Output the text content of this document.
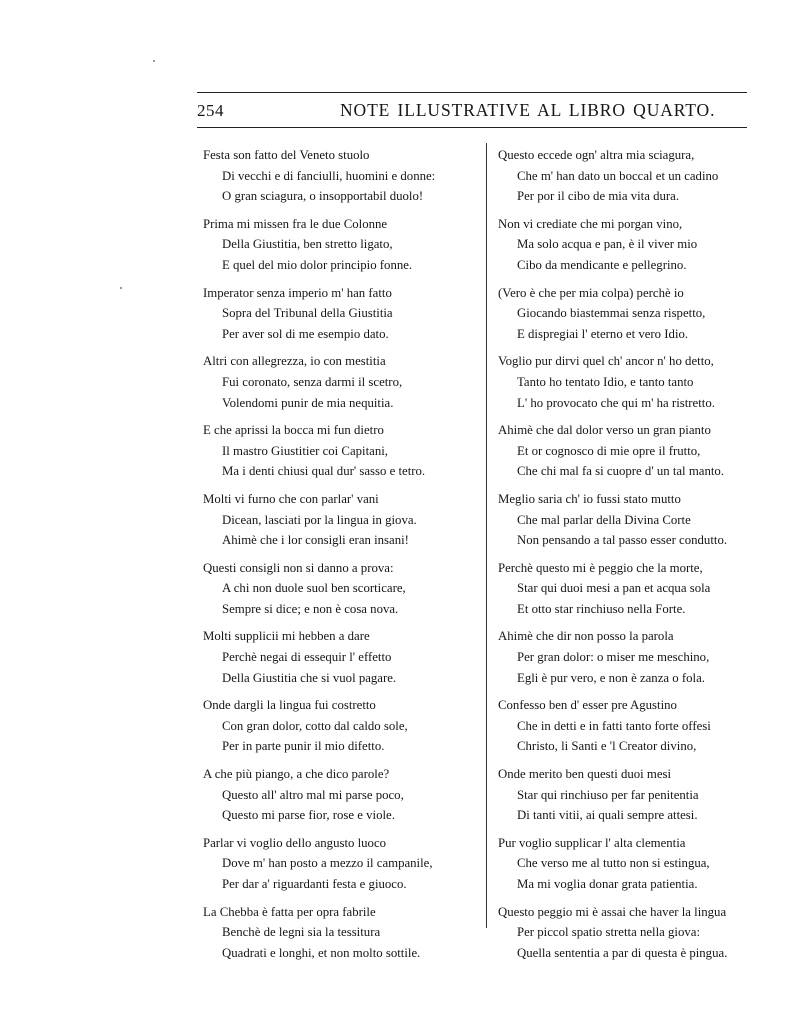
254	NOTE ILLUSTRATIVE AL LIBRO QUARTO.
Festa son fatto del Veneto stuolo
Di vecchi e di fanciulli, huomini e donne:
O gran sciagura, o insopportabil duolo!
Prima mi missen fra le due Colonne
Della Giustitia, ben stretto ligato,
E quel del mio dolor principio fonne.
Imperator senza imperio m' han fatto
Sopra del Tribunal della Giustitia
Per aver sol di me esempio dato.
Altri con allegrezza, io con mestitia
Fui coronato, senza darmi il scetro,
Volendomi punir de mia nequitia.
E che aprissi la bocca mi fun dietro
Il mastro Giustitier coi Capitani,
Ma i denti chiusi qual dur' sasso e tetro.
Molti vi furno che con parlar' vani
Dicean, lasciati por la lingua in giova.
Ahimè che i lor consigli eran insani!
Questi consigli non si danno a prova:
A chi non duole suol ben scorticare,
Sempre si dice; e non è cosa nova.
Molti supplicii mi hebben a dare
Perchè negai di essequir l' effetto
Della Giustitia che si vuol pagare.
Onde dargli la lingua fui costretto
Con gran dolor, cotto dal caldo sole,
Per in parte punir il mio difetto.
A che più piango, a che dico parole?
Questo all' altro mal mi parse poco,
Questo mi parse fior, rose e viole.
Parlar vi voglio dello angusto luoco
Dove m' han posto a mezzo il campanile,
Per dar a' riguardanti festa e giuoco.
La Chebba è fatta per opra fabrile
Benchè de legni sia la tessitura
Quadrati e longhi, et non molto sottile.
Questo eccede ogn' altra mia sciagura,
Che m' han dato un boccal et un cadino
Per por il cibo de mia vita dura.
Non vi crediate che mi porgan vino,
Ma solo acqua e pan, è il viver mio
Cibo da mendicante e pellegrino.
(Vero è che per mia colpa) perchè io
Giocando biastemmai senza rispetto,
E dispregiai l' eterno et vero Idio.
Voglio pur dirvi quel ch' ancor n' ho detto,
Tanto ho tentato Idio, e tanto tanto
L' ho provocato che qui m' ha ristretto.
Ahimè che dal dolor verso un gran pianto
Et or cognosco di mie opre il frutto,
Che chi mal fa si cuopre d' un tal manto.
Meglio saria ch' io fussi stato mutto
Che mal parlar della Divina Corte
Non pensando a tal passo esser condutto.
Perchè questo mi è peggio che la morte,
Star qui duoi mesi a pan et acqua sola
Et otto star rinchiuso nella Forte.
Ahimè che dir non posso la parola
Per gran dolor: o miser me meschino,
Egli è pur vero, e non è zanza o fola.
Confesso ben d' esser pre Agustino
Che in detti e in fatti tanto forte offesi
Christo, li Santi e 'l Creator divino,
Onde merito ben questi duoi mesi
Star qui rinchiuso per far penitentia
Di tanti vitii, ai quali sempre attesi.
Pur voglio supplicar l' alta clementia
Che verso me al tutto non si estingua,
Ma mi voglia donar grata patientia.
Questo peggio mi è assai che haver la lingua
Per piccol spatio stretta nella giova:
Quella sententia a par di questa è pingua.
